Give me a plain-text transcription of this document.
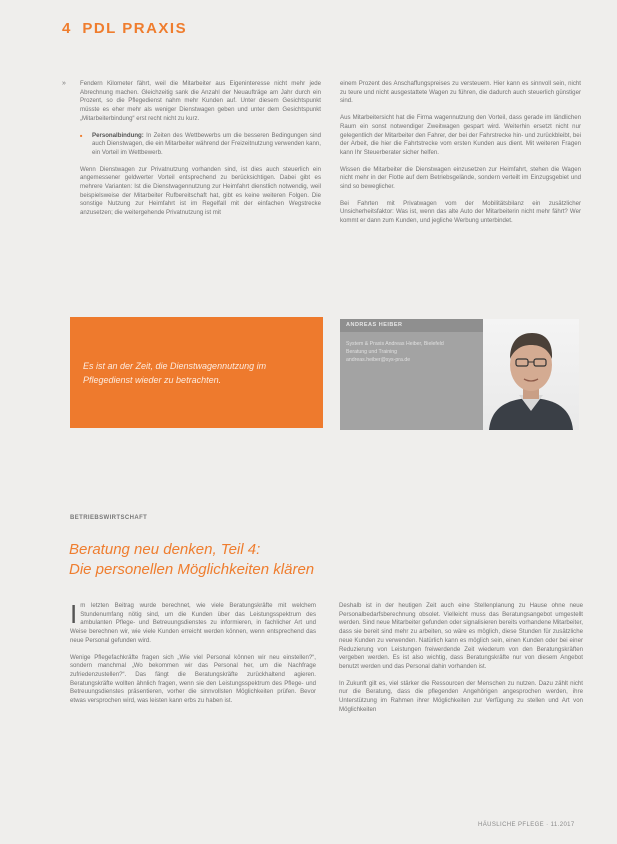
4 PDL PRAXIS
» Fendern Kilometer fährt, weil die Mitarbeiter aus Eigeninteresse nicht mehr jede Abrechnung machen. Gleichzeitig sank die Anzahl der Neuaufträge am Jahr durch ein Prozent, so die Pflegedienst nahm mehr Kunden auf. Unter diesem Gesichtspunkt müsste es eher mehr als weniger Dienstwagen geben und unter dem Gesichtspunkt „Mitarbeiterbindung“ erst recht nicht zu kurz.

■ Personalbindung: In Zeiten des Wettbewerbs um die besseren Bedingungen sind auch Dienstwagen, die ein Mitarbeiter während der Freizeitnutzung verwenden kann, ein Vorteil im Wettbewerb.

Wenn Dienstwagen zur Privatnutzung vorhanden sind, ist dies auch steuerlich ein angemessener geldwerter Vorteil entsprechend zu berücksichtigen. Dabei gibt es mehrere Varianten: Ist die Dienstwagennutzung zur Heimfahrt dienstlich notwendig, weil beispielsweise der Mitarbeiter Rufbereitschaft hat, gibt es keine weiteren Folgen. Die sonstige Nutzung zur Heimfahrt ist im Regelfall mit der einfachen Wegstrecke anzusetzen; die weitergehende Privatnutzung ist mit

einem Prozent des Anschaffungspreises zu versteuern. Hier kann es sinnvoll sein, nicht zu teure und nicht ausgestattete Wagen zu führen, die dadurch auch steuerlich günstiger sind.

Aus Mitarbeitersicht hat die Firma wagennutzung den Vorteil, dass gerade im ländlichen Raum ein sonst notwendiger Zweitwagen gespart wird. Weiterhin ersetzt nicht nur gelegentlich der Mitarbeiter den Fahrer, der bei der Fahrstrecke hin- und zurückbleibt, bei der Arbeit, die hier die Fahrtstrecke vom ersten Kunden aus dient. Mit weiteren Fragen kann Ihr Steuerberater sicher helfen.

Wissen die Mitarbeiter die Dienstwagen einzusetzen zur Heimfahrt, stehen die Wagen nicht mehr in der Flotte auf dem Betriebsgelände, sondern verteilt im Einzugsgebiet und sind so beweglicher.

Bei Fahrten mit Privatwagen vom der Mobilitätsbilanz ein zusätzlicher Unsicherheitsfaktor: Was ist, wenn das alte Auto der Mitarbeiterin nicht mehr fährt? Wer kommt er dann zum Kunden, und jegliche Werbung unterbindet.

Es ist an der Zeit, die Dienstwagennutzung im Pflegedienst wieder zu betrachten.
ANDREAS HEIBER
System & Praxis Andreas Heiber, Bielefeld
Beratung und Training
andreas.heiber@sys-pra.de
BETRIEBSWIRTSCHAFT
Beratung neu denken, Teil 4:
Die personellen Möglichkeiten klären

Im letzten Beitrag wurde berechnet, wie viele Beratungskräfte mit welchem Stundenumfang nötig sind, um die Kunden über das Leistungsspektrum des ambulanten Pflege- und Betreuungsdienstes zu informieren, in fachlicher Art und Weise berechnen wir, wie viele Kunden erreicht werden können, wenn entsprechend das neue Personal gefunden wird.

Wenige Pflegefachkräfte fragen sich „Wie viel Personal können wir neu einstellen?“, sondern manchmal „Wo bekommen wir das Personal her, um die Nachfrage zufriedenzustellen?“. Das fängt die Beratungskräfte zurückhaltend agieren. Beratungskräfte wollten ähnlich fragen, wenn sie den Leistungsspektrum des Pflege- und Betreuungsdienstes präsentieren, vorher die sinnvollsten Möglichkeiten prüfen. Bevor etwas versprochen wird, was leisten kann erbs zu haben ist.

Deshalb ist in der heutigen Zeit auch eine Stellenplanung zu Hause ohne neue Personalbedarfsberechnung obsolet. Vielleicht muss das Beratungsangebot umgestellt werden. Sind neue Mitarbeiter gefunden oder signalisieren bereits vorhandene Mitarbeiter, dass sie bereit sind mehr zu arbeiten, so wäre es möglich, diese Stunden für zusätzliche neue Kunden zu verwenden. Natürlich kann es möglich sein, einen Kunden oder bei einer Reduzierung von Leistungen freiwerdende Zeit wiederum von den Beratungskräften vergeben werden. Es ist also wichtig, dass Beratungskräfte nur von diesem Angebot benutzt werden und das Personal dahin vorhanden ist.

In Zukunft gilt es, viel stärker die Ressourcen der Menschen zu nutzen. Dazu zählt nicht nur die Beratung, dass die pflegenden Angehörigen angesprochen werden, ihre Unterstützung im Rahmen ihrer Möglichkeiten zur Verfügung zu stellen und Art von Möglichkeiten

HÄUSLICHE PFLEGE · 11.2017
